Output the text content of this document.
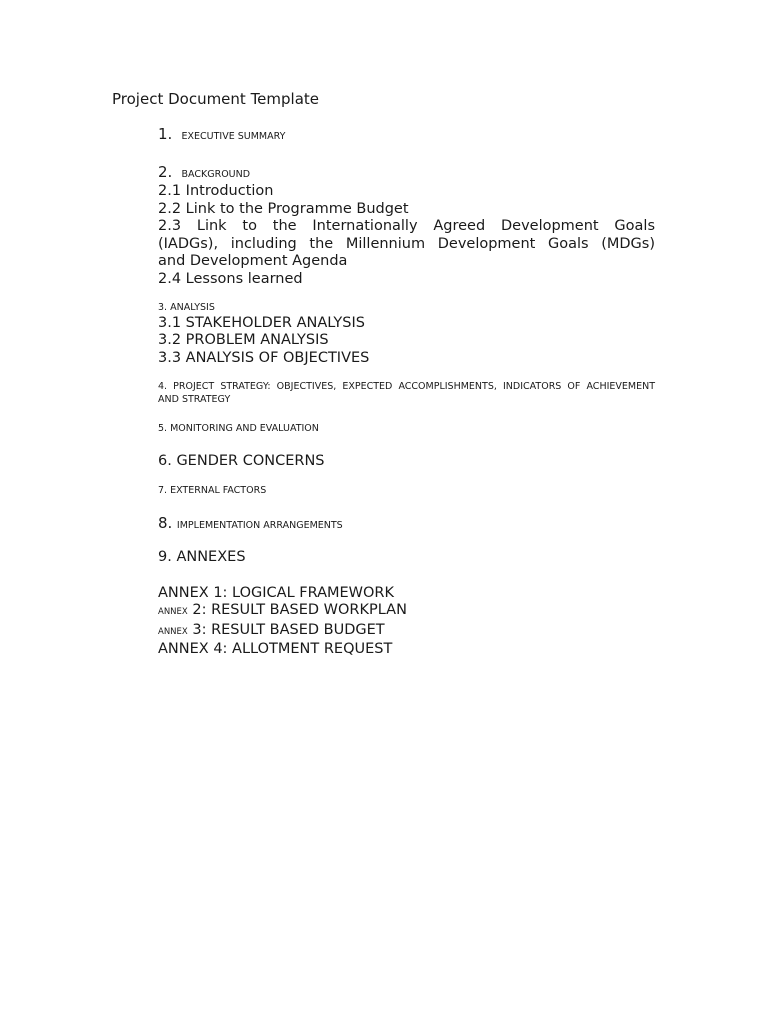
Project Document Template
1. EXECUTIVE SUMMARY
2. BACKGROUND
2.1 Introduction
2.2 Link to the Programme Budget
2.3 Link to the Internationally Agreed Development Goals
(IADGs), including the Millennium Development Goals (MDGs)
and Development Agenda
2.4 Lessons learned
3. ANALYSIS
3.1 STAKEHOLDER ANALYSIS
3.2 PROBLEM ANALYSIS
3.3 ANALYSIS OF OBJECTIVES
4. PROJECT STRATEGY: OBJECTIVES, EXPECTED ACCOMPLISHMENTS, INDICATORS OF ACHIEVEMENT
AND STRATEGY
5. MONITORING AND EVALUATION
6. GENDER CONCERNS
7. EXTERNAL FACTORS
8. IMPLEMENTATION ARRANGEMENTS
9. ANNEXES
ANNEX 1: LOGICAL FRAMEWORK
ANNEX 2: RESULT BASED WORKPLAN
ANNEX 3: RESULT BASED BUDGET
ANNEX 4: ALLOTMENT REQUEST
